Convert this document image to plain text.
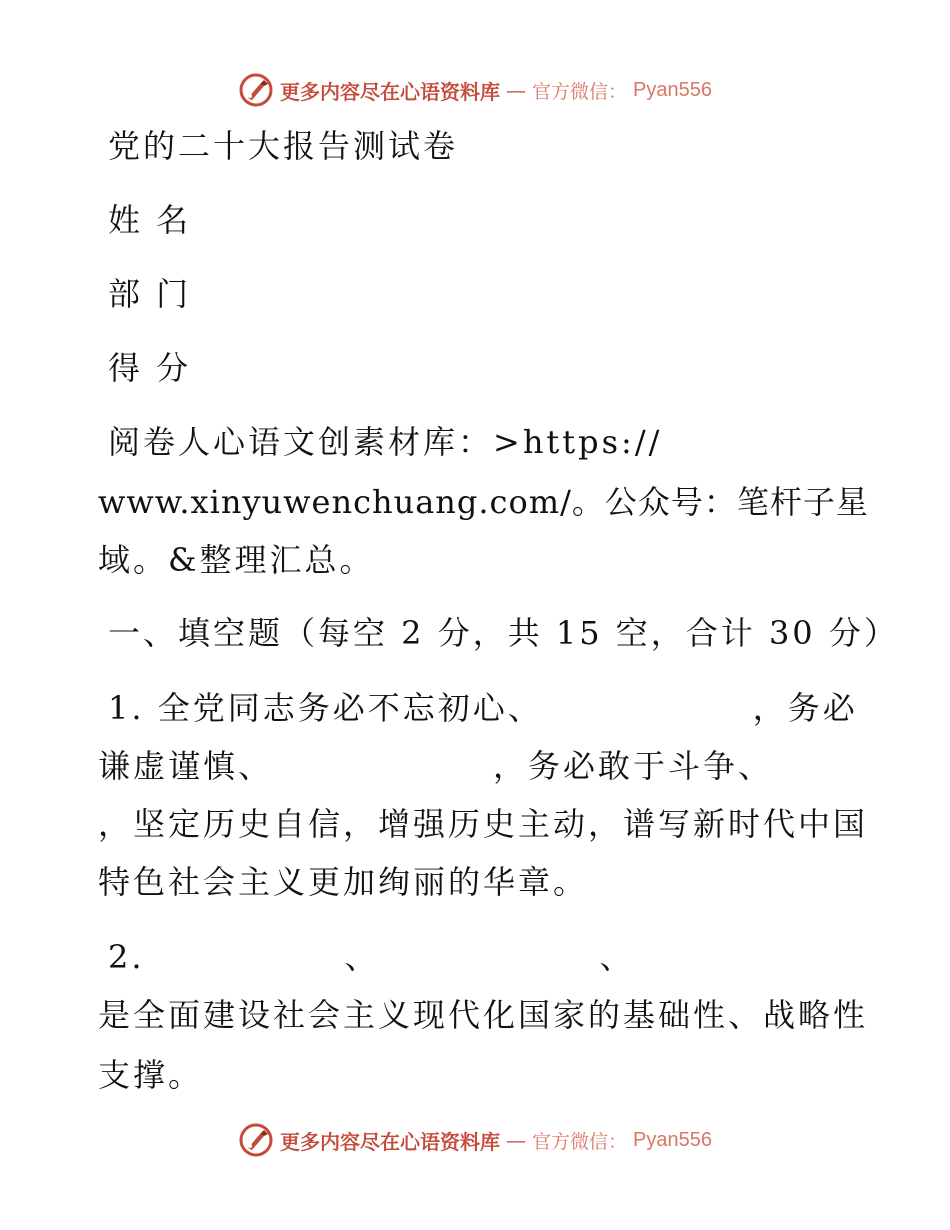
更多内容尽在心语资料库 — 官方微信： Pyan556
党的二十大报告测试卷
姓 名
部 门
得 分
阅卷人心语文创素材库：>https://
www.xinyuwenchuang.com/。公众号：笔杆子星
域。&整理汇总。
一、填空题（每空 2 分，共 15 空，合计 30 分）
1. 全党同志务必不忘初心、	，务必
谦虚谨慎、	，务必敢于斗争、
，坚定历史自信，增强历史主动，谱写新时代中国
特色社会主义更加绚丽的华章。
2.	、	、
是全面建设社会主义现代化国家的基础性、战略性
支撑。
更多内容尽在心语资料库 — 官方微信： Pyan556
